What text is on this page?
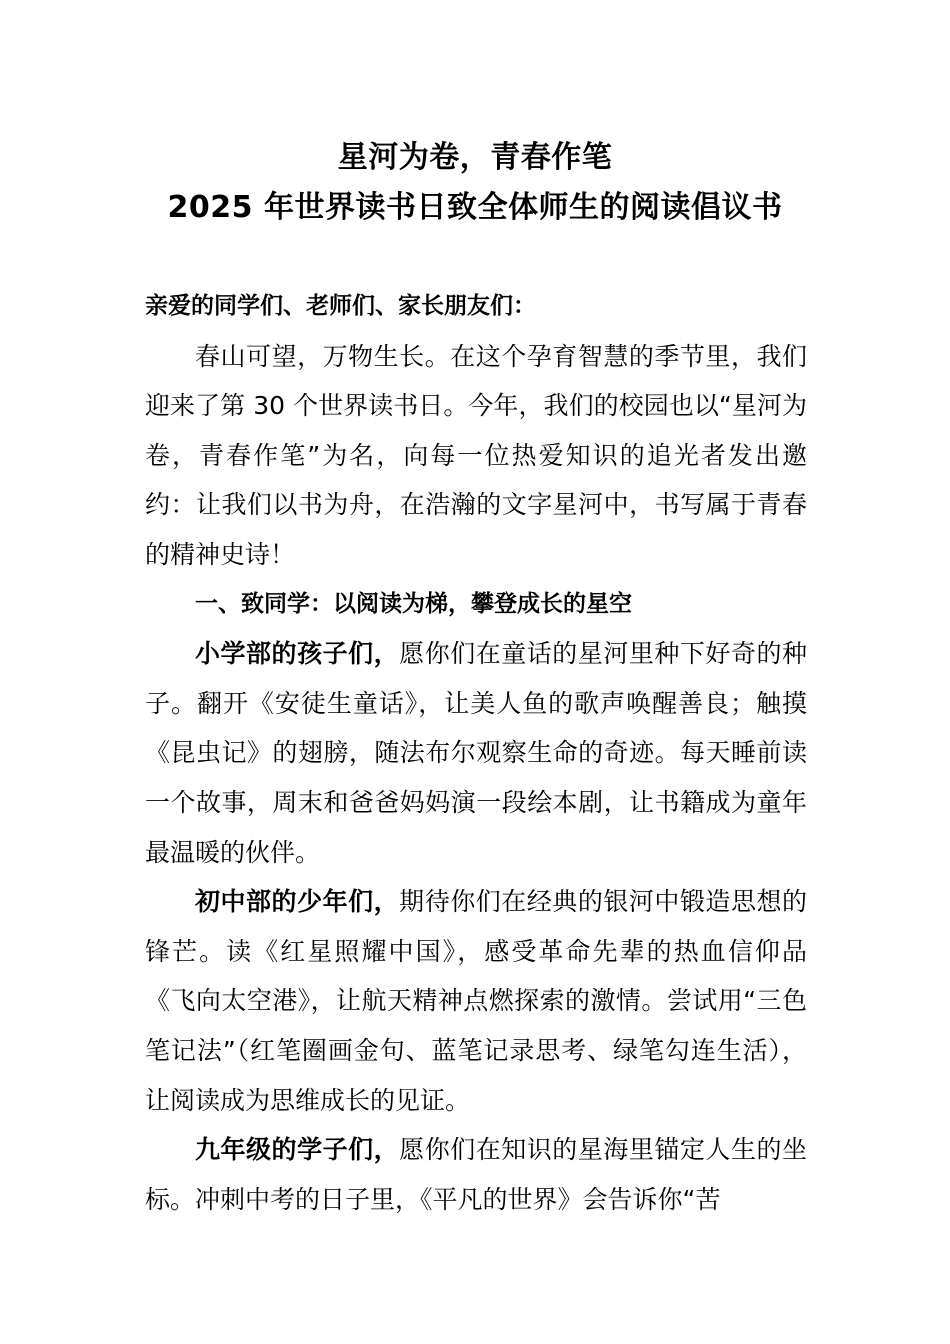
星河为卷，青春作笔
2025 年世界读书日致全体师生的阅读倡议书

亲爱的同学们、老师们、家长朋友们：

春山可望，万物生长。在这个孕育智慧的季节里，我们迎来了第 30 个世界读书日。今年，我们的校园也以“星河为卷，青春作笔”为名，向每一位热爱知识的追光者发出邀约：让我们以书为舟，在浩瀚的文字星河中，书写属于青春的精神史诗！

一、致同学：以阅读为梯，攀登成长的星空

小学部的孩子们，愿你们在童话的星河里种下好奇的种子。翻开《安徒生童话》，让美人鱼的歌声唤醒善良；触摸《昆虫记》的翅膀，随法布尔观察生命的奇迹。每天睡前读一个故事，周末和爸爸妈妈演一段绘本剧，让书籍成为童年最温暖的伙伴。

初中部的少年们，期待你们在经典的银河中锻造思想的锋芒。读《红星照耀中国》，感受革命先辈的热血信仰品《飞向太空港》，让航天精神点燃探索的激情。尝试用“三色笔记法”（红笔圈画金句、蓝笔记录思考、绿笔勾连生活），让阅读成为思维成长的见证。

九年级的学子们，愿你们在知识的星海里锚定人生的坐标。冲刺中考的日子里，《平凡的世界》会告诉你“苦
